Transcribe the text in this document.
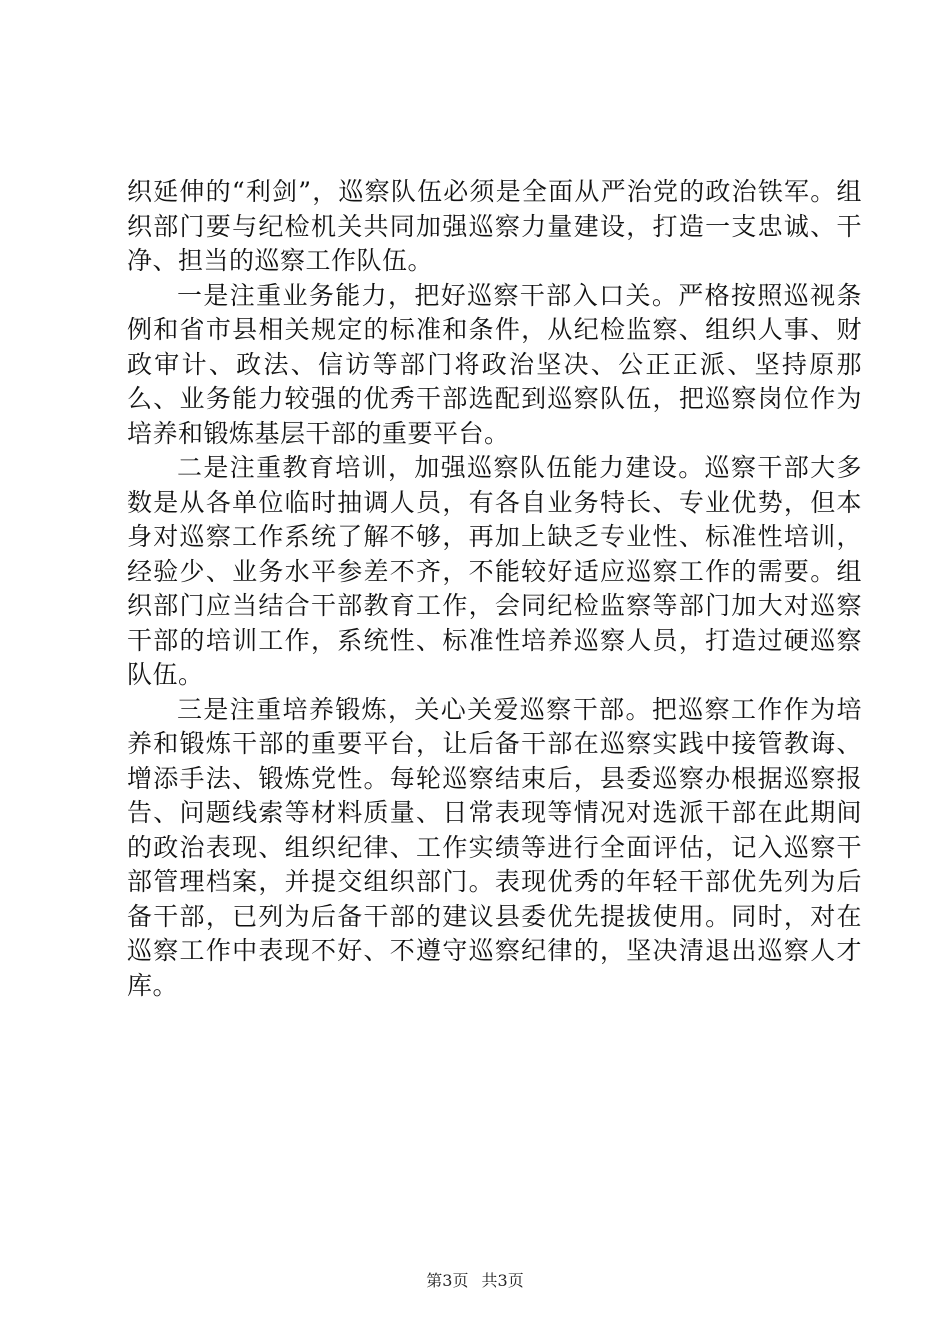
织延伸的“利剑”，巡察队伍必须是全面从严治党的政治铁军。组织部门要与纪检机关共同加强巡察力量建设，打造一支忠诚、干净、担当的巡察工作队伍。

一是注重业务能力，把好巡察干部入口关。严格按照巡视条例和省市县相关规定的标准和条件，从纪检监察、组织人事、财政审计、政法、信访等部门将政治坚决、公正正派、坚持原那么、业务能力较强的优秀干部选配到巡察队伍，把巡察岗位作为培养和锻炼基层干部的重要平台。

二是注重教育培训，加强巡察队伍能力建设。巡察干部大多数是从各单位临时抽调人员，有各自业务特长、专业优势，但本身对巡察工作系统了解不够，再加上缺乏专业性、标准性培训，经验少、业务水平参差不齐，不能较好适应巡察工作的需要。组织部门应当结合干部教育工作，会同纪检监察等部门加大对巡察干部的培训工作，系统性、标准性培养巡察人员，打造过硬巡察队伍。

三是注重培养锻炼，关心关爱巡察干部。把巡察工作作为培养和锻炼干部的重要平台，让后备干部在巡察实践中接管教诲、增添手法、锻炼党性。每轮巡察结束后，县委巡察办根据巡察报告、问题线索等材料质量、日常表现等情况对选派干部在此期间的政治表现、组织纪律、工作实绩等进行全面评估，记入巡察干部管理档案，并提交组织部门。表现优秀的年轻干部优先列为后备干部，已列为后备干部的建议县委优先提拔使用。同时，对在巡察工作中表现不好、不遵守巡察纪律的，坚决清退出巡察人才库。

第3页 共3页
